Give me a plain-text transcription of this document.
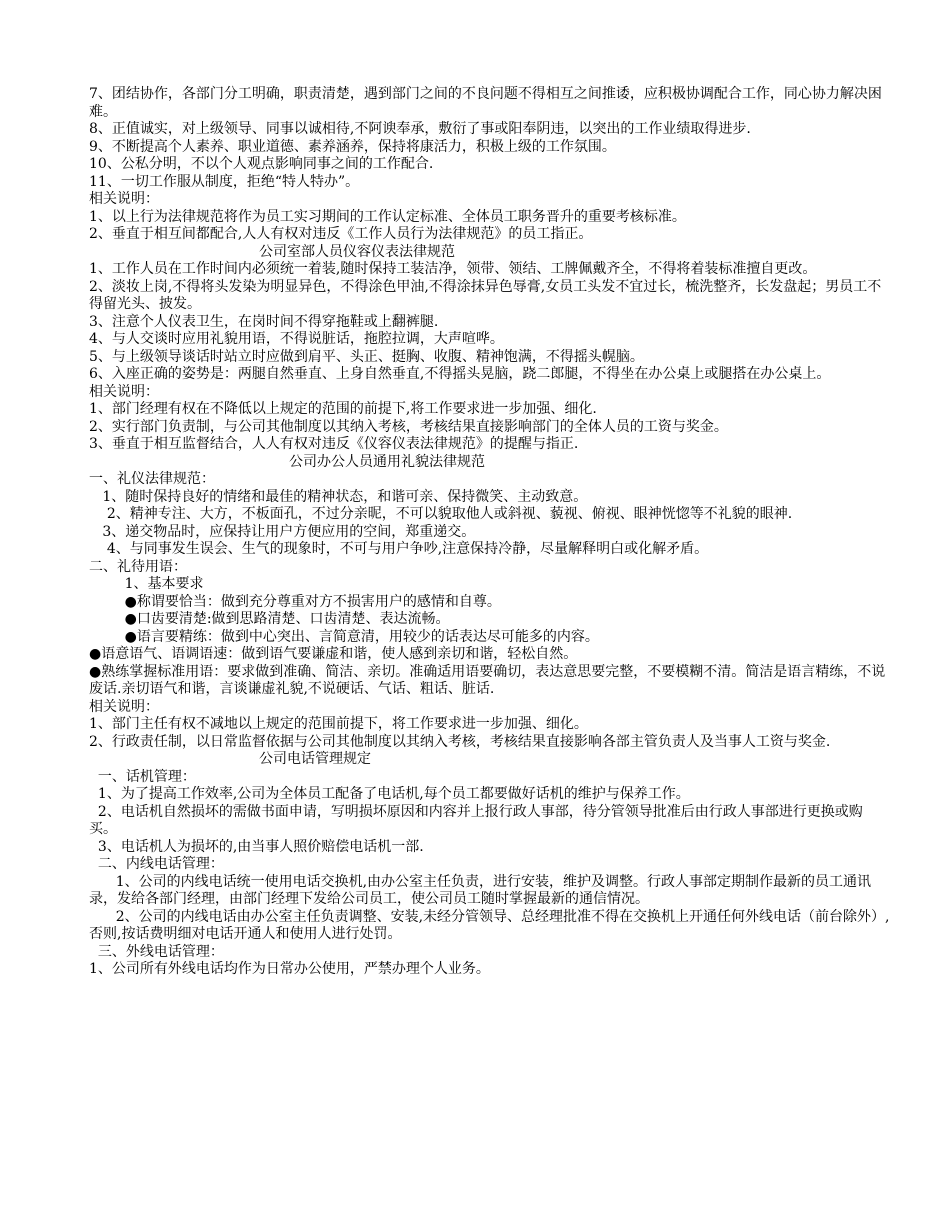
7、团结协作，各部门分工明确，职责清楚，遇到部门之间的不良问题不得相互之间推诿，应积极协调配合工作，同心协力解决困难。

8、正值诚实，对上级领导、同事以诚相待,不阿谀奉承，敷衍了事或阳奉阴违，以突出的工作业绩取得进步.

9、不断提高个人素养、职业道德、素养涵养，保持将康活力，积极上级的工作氛围。

10、公私分明，不以个人观点影响同事之间的工作配合.

11、一切工作服从制度，拒绝“特人特办”。

相关说明：

1、以上行为法律规范将作为员工实习期间的工作认定标准、全体员工职务晋升的重要考核标准。

2、垂直于相互间都配合,人人有权对违反《工作人员行为法律规范》的员工指正。

公司室部人员仪容仪表法律规范

1、工作人员在工作时间内必须统一着装,随时保持工装洁净，领带、领结、工牌佩戴齐全，不得将着装标准擅自更改。

2、淡妆上岗,不得将头发染为明显异色，不得涂色甲油,不得涂抹异色辱膏,女员工头发不宜过长，梳洗整齐，长发盘起；男员工不得留光头、披发。

3、注意个人仪表卫生，在岗时间不得穿拖鞋或上翻裤腿.

4、与人交谈时应用礼貌用语，不得说脏话，拖腔拉调，大声喧哗。

5、与上级领导谈话时站立时应做到肩平、头正、挺胸、收腹、精神饱满，不得摇头幌脑。

6、入座正确的姿势是：两腿自然垂直、上身自然垂直,不得摇头晃脑，跷二郎腿，不得坐在办公桌上或腿搭在办公桌上。

相关说明：

1、部门经理有权在不降低以上规定的范围的前提下,将工作要求进一步加强、细化.

2、实行部门负责制，与公司其他制度以其纳入考核，考核结果直接影响部门的全体人员的工资与奖金。

3、垂直于相互监督结合，人人有权对违反《仪容仪表法律规范》的提醒与指正.

公司办公人员通用礼貌法律规范

一、礼仪法律规范：

1、随时保持良好的情绪和最佳的精神状态，和谐可亲、保持微笑、主动致意。

2、精神专注、大方，不板面孔，不过分亲昵，不可以貌取他人或斜视、藐视、俯视、眼神恍惚等不礼貌的眼神.

3、递交物品时，应保持让用户方便应用的空间，郑重递交。

4、与同事发生误会、生气的现象时，不可与用户争吵,注意保持冷静，尽量解释明白或化解矛盾。

二、礼待用语：

1、基本要求

●称谓要恰当：做到充分尊重对方不损害用户的感情和自尊。

●口齿要清楚:做到思路清楚、口齿清楚、表达流畅。

●语言要精练：做到中心突出、言简意清，用较少的话表达尽可能多的内容。

●语意语气、语调语速：做到语气要谦虚和谐，使人感到亲切和谐，轻松自然。

●熟练掌握标准用语：要求做到准确、简洁、亲切。准确适用语要确切，表达意思要完整，不要模糊不清。简洁是语言精练，不说废话.亲切语气和谐，言谈谦虚礼貌,不说硬话、气话、粗话、脏话.

相关说明：

1、部门主任有权不减地以上规定的范围前提下，将工作要求进一步加强、细化。

2、行政责任制，以日常监督依据与公司其他制度以其纳入考核，考核结果直接影响各部主管负责人及当事人工资与奖金.

公司电话管理规定

一、话机管理：

1、为了提高工作效率,公司为全体员工配备了电话机,每个员工都要做好话机的维护与保养工作。

2、电话机自然损坏的需做书面申请，写明损坏原因和内容并上报行政人事部，待分管领导批准后由行政人事部进行更换或购买。

3、电话机人为损坏的,由当事人照价赔偿电话机一部.

二、内线电话管理：

1、公司的内线电话统一使用电话交换机,由办公室主任负责，进行安装，维护及调整。行政人事部定期制作最新的员工通讯录，发给各部门经理，由部门经理下发给公司员工，使公司员工随时掌握最新的通信情况。

2、公司的内线电话由办公室主任负责调整、安装,未经分管领导、总经理批准不得在交换机上开通任何外线电话（前台除外）,否则,按话费明细对电话开通人和使用人进行处罚。

三、外线电话管理：

1、公司所有外线电话均作为日常办公使用，严禁办理个人业务。
